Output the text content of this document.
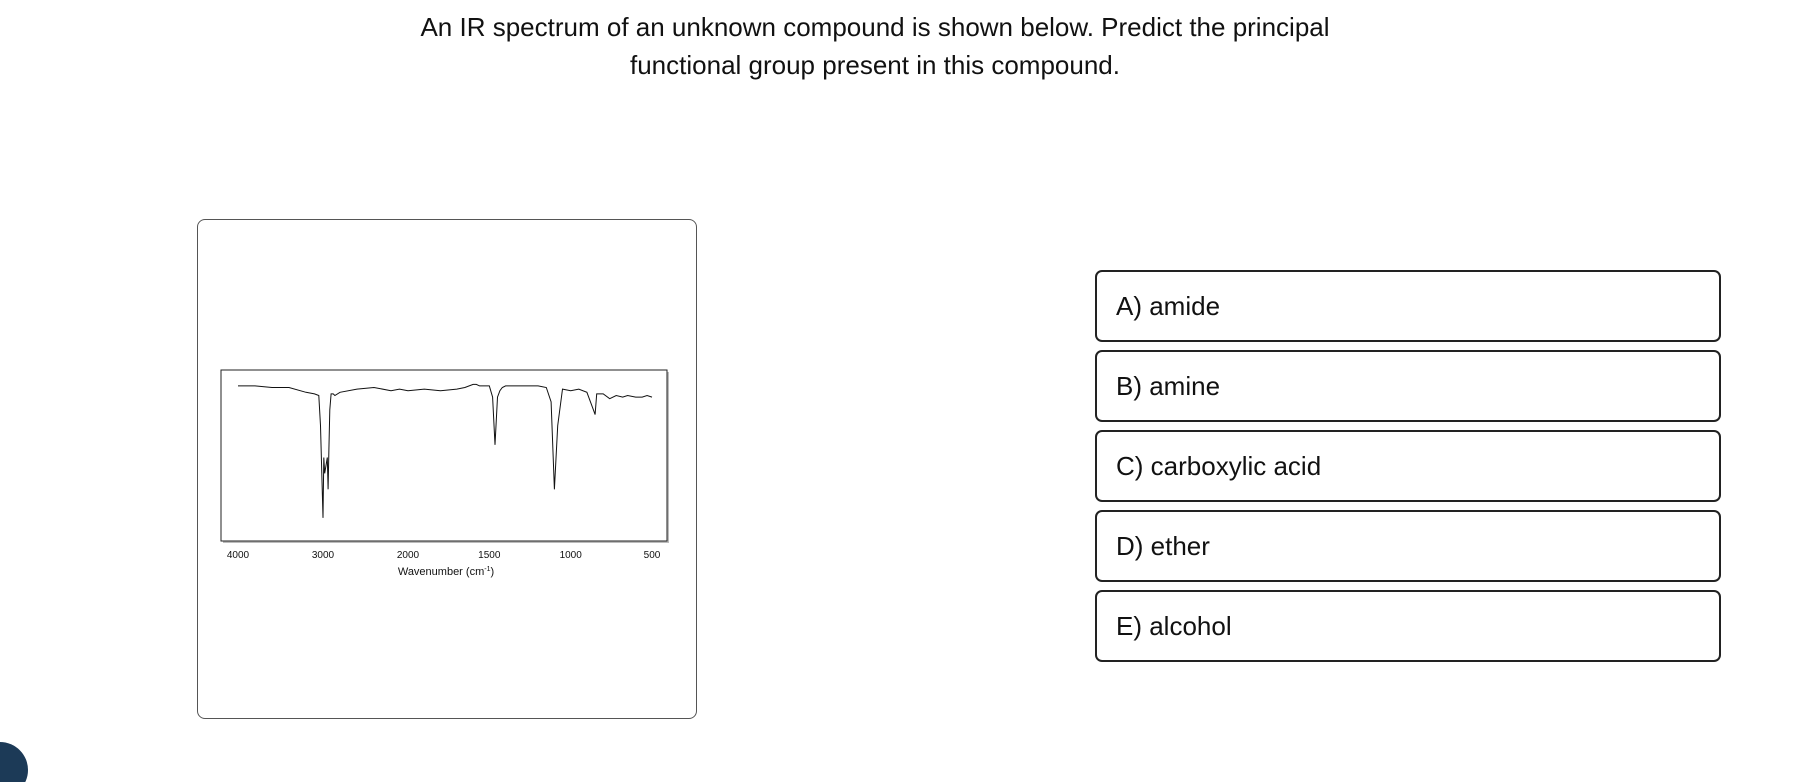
An IR spectrum of an unknown compound is shown below. Predict the principal functional group present in this compound.
4000	3000	2000	1500	1000	500
Wavenumber $(cm^{-1})$
A) amide
B) amine
C) carboxylic acid
D) ether
E) alcohol
